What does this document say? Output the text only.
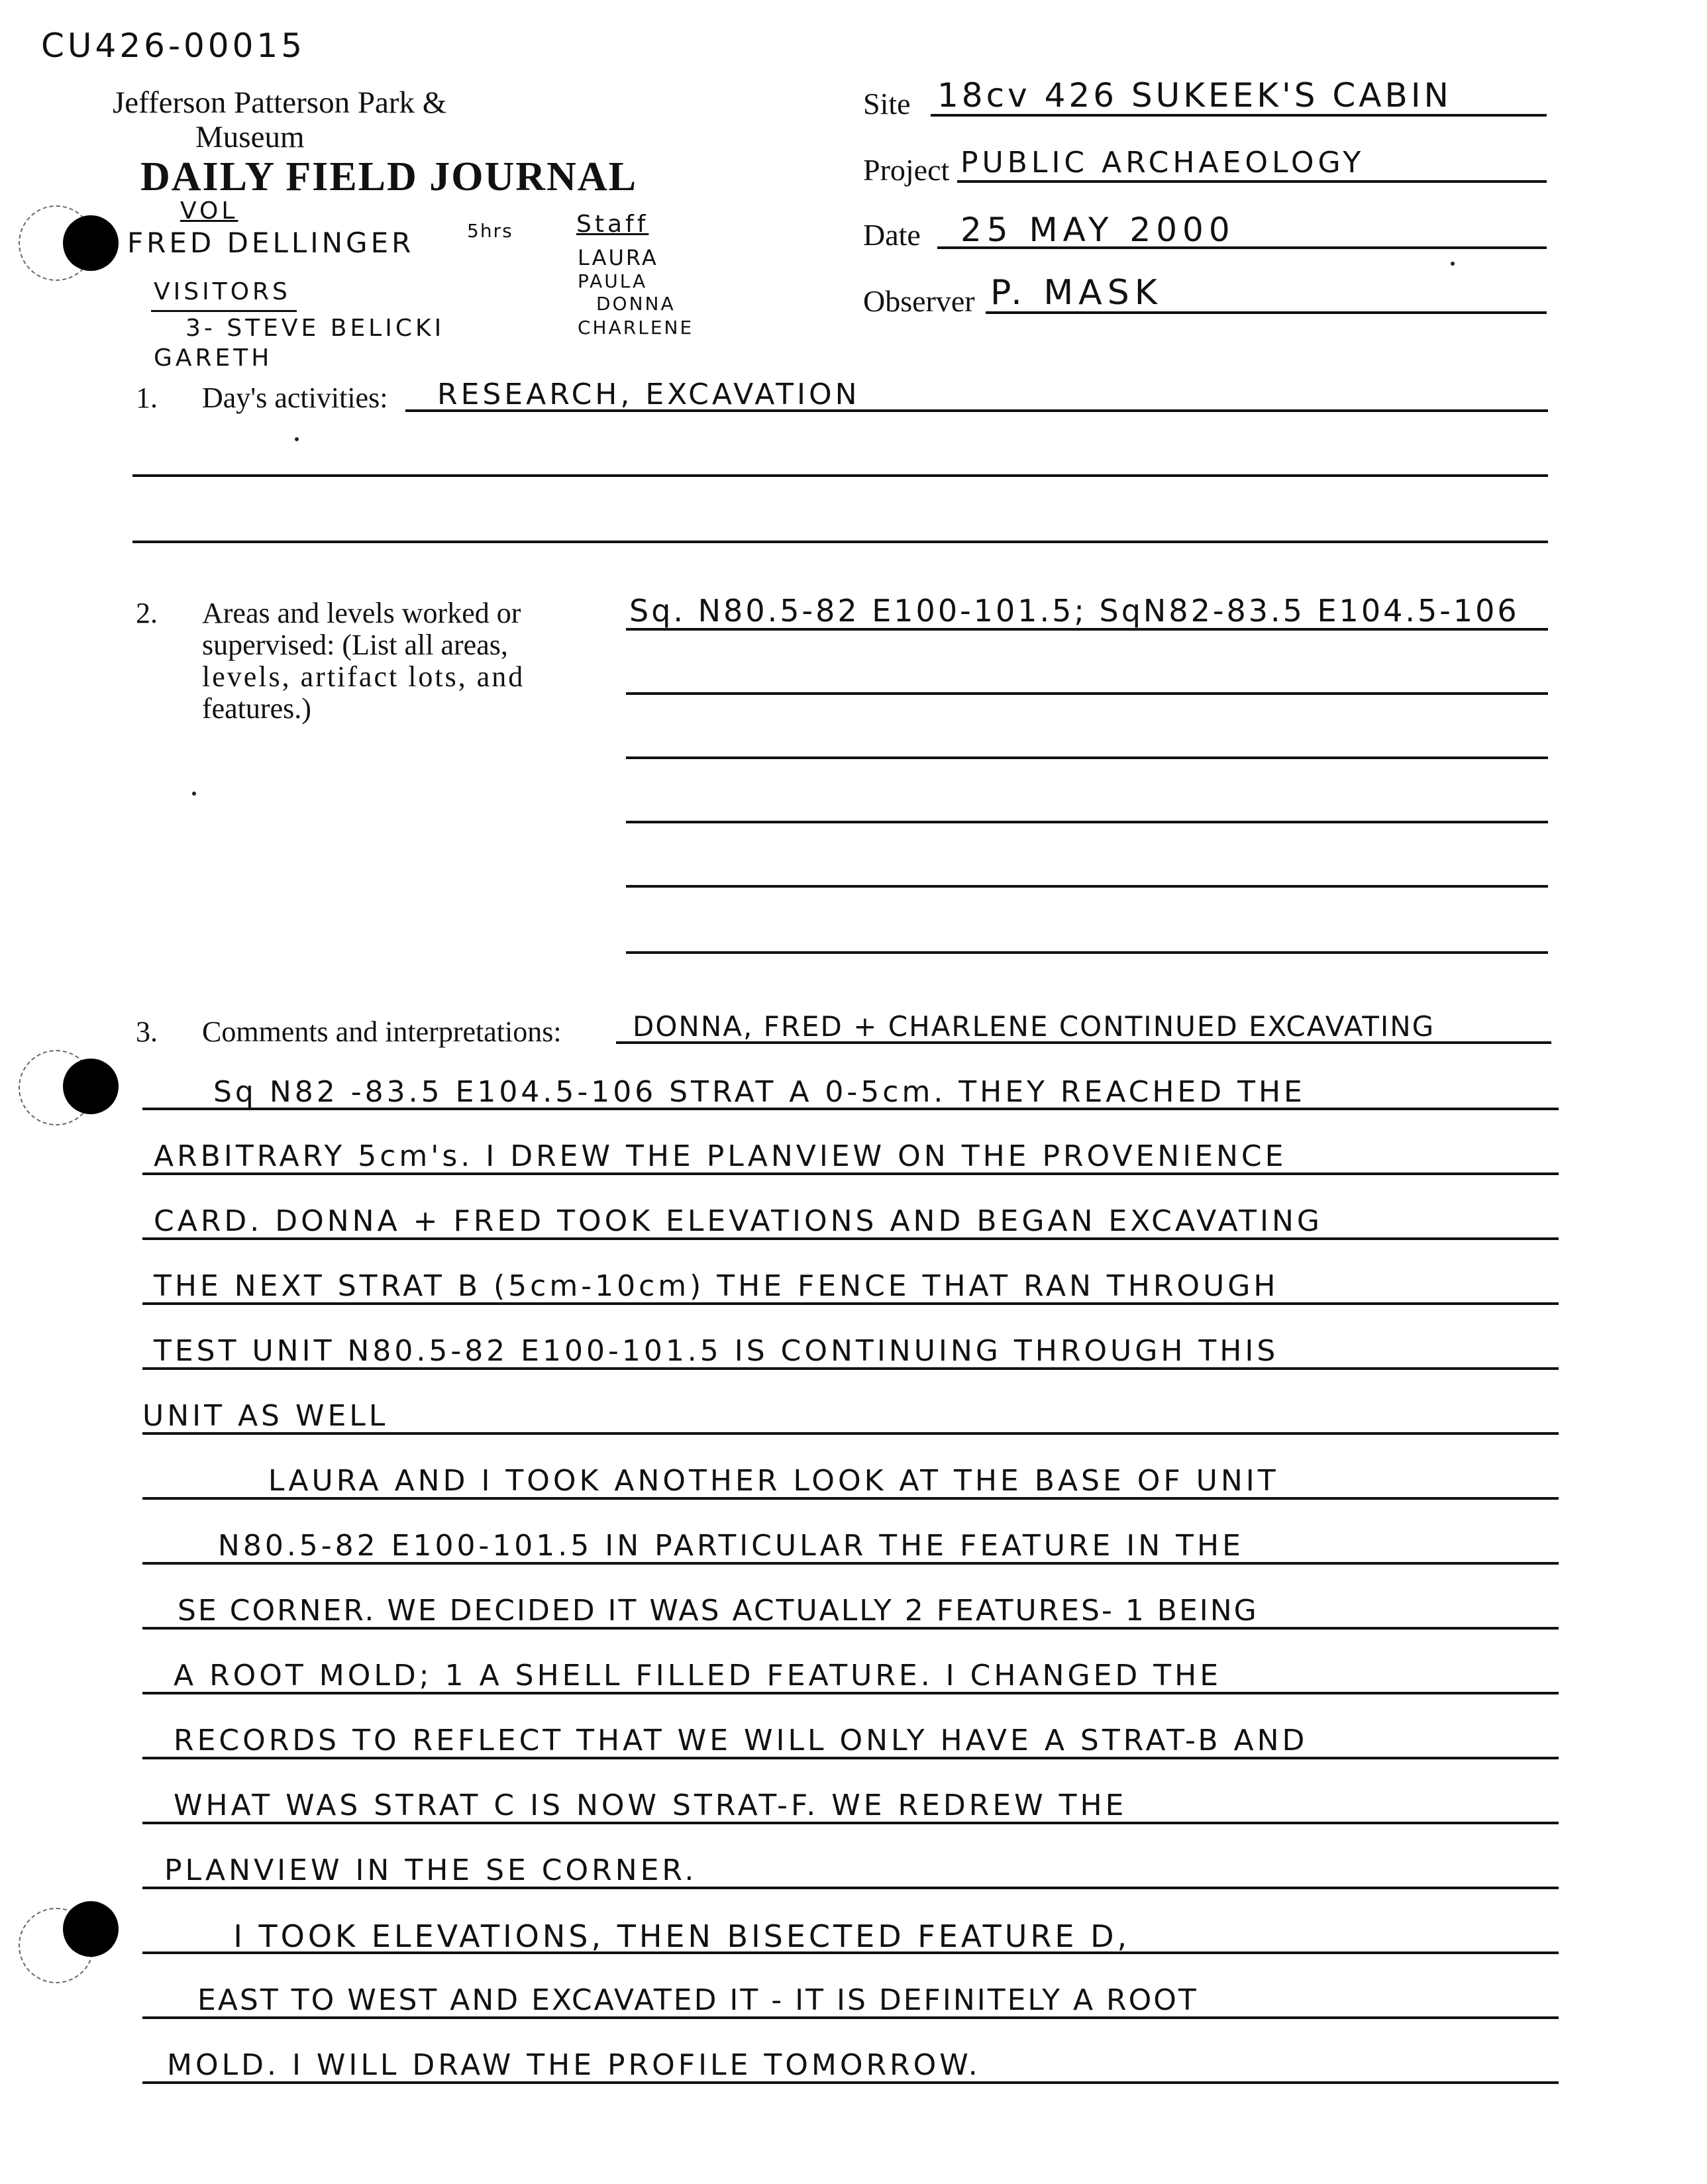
CU426-00015
Jefferson Patterson Park &
Museum
DAILY FIELD JOURNAL
VOL
FRED DELLINGER	5hrs	Staff
LAURA
PAULA
DONNA
CHARLENE
VISITORS
3- STEVE BELICKI
GARETH
Site 18cv 426 SUKEEK'S CABIN
Project PUBLIC ARCHAEOLOGY
Date 25 MAY 2000
Observer P. MASK
1. Day's activities: RESEARCH, EXCAVATION
2. Areas and levels worked or
supervised: (List all areas,
levels, artifact lots, and
features.)
Sq. N80.5-82 E100-101.5; SqN82-83.5 E104.5-106
3. Comments and interpretations:	DONNA, FRED + CHARLENE CONTINUED EXCAVATING
Sq N82 -83.5 E104.5-106 STRAT A 0-5cm. THEY REACHED THE
ARBITRARY 5cm's. I DREW THE PLANVIEW ON THE PROVENIENCE
CARD. DONNA + FRED TOOK ELEVATIONS AND BEGAN EXCAVATING
THE NEXT STRAT B (5cm-10cm) THE FENCE THAT RAN THROUGH
TEST UNIT N80.5-82 E100-101.5 IS CONTINUING THROUGH THIS
UNIT AS WELL
LAURA AND I TOOK ANOTHER LOOK AT THE BASE OF UNIT
N80.5-82 E100-101.5 IN PARTICULAR THE FEATURE IN THE
SE CORNER. WE DECIDED IT WAS ACTUALLY 2 FEATURES- 1 BEING
A ROOT MOLD; 1 A SHELL FILLED FEATURE. I CHANGED THE
RECORDS TO REFLECT THAT WE WILL ONLY HAVE A STRAT-B AND
WHAT WAS STRAT C IS NOW STRAT-F. WE REDREW THE
PLANVIEW IN THE SE CORNER.
I TOOK ELEVATIONS, THEN BISECTED FEATURE D,
EAST TO WEST AND EXCAVATED IT - IT IS DEFINITELY A ROOT
MOLD. I WILL DRAW THE PROFILE TOMORROW.
